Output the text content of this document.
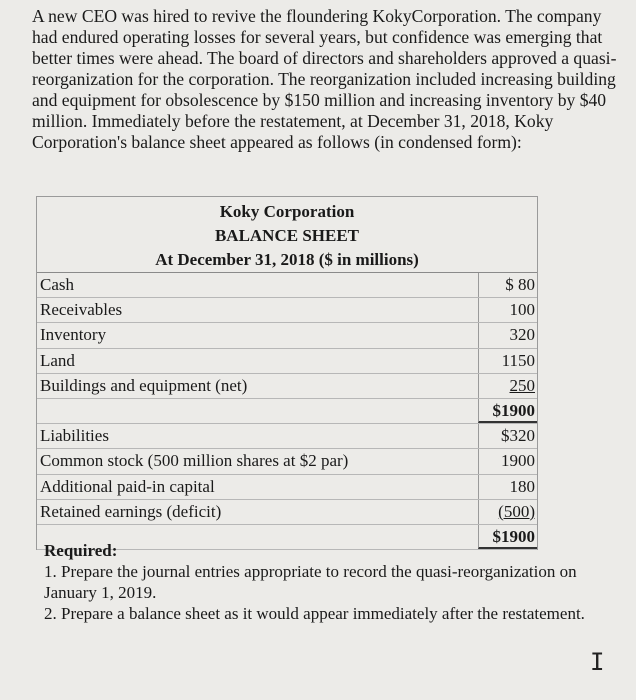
A new CEO was hired to revive the floundering KokyCorporation. The company had endured operating losses for several years, but confidence was emerging that better times were ahead. The board of directors and shareholders approved a quasi-reorganization for the corporation. The reorganization included increasing building and equipment for obsolescence by $150 million and increasing inventory by $40 million. Immediately before the restatement, at December 31, 2018, Koky Corporation's balance sheet appeared as follows (in condensed form):

Koky Corporation
BALANCE SHEET
At December 31, 2018 ($ in millions)
Cash	$ 80
Receivables	100
Inventory	320
Land	1150
Buildings and equipment (net)	250
$1900
Liabilities	$320
Common stock (500 million shares at $2 par)	1900
Additional paid-in capital	180
Retained earnings (deficit)	(500)
$1900

Required:

1. Prepare the journal entries appropriate to record the quasi-reorganization on January 1, 2019.

2. Prepare a balance sheet as it would appear immediately after the restatement.

I
